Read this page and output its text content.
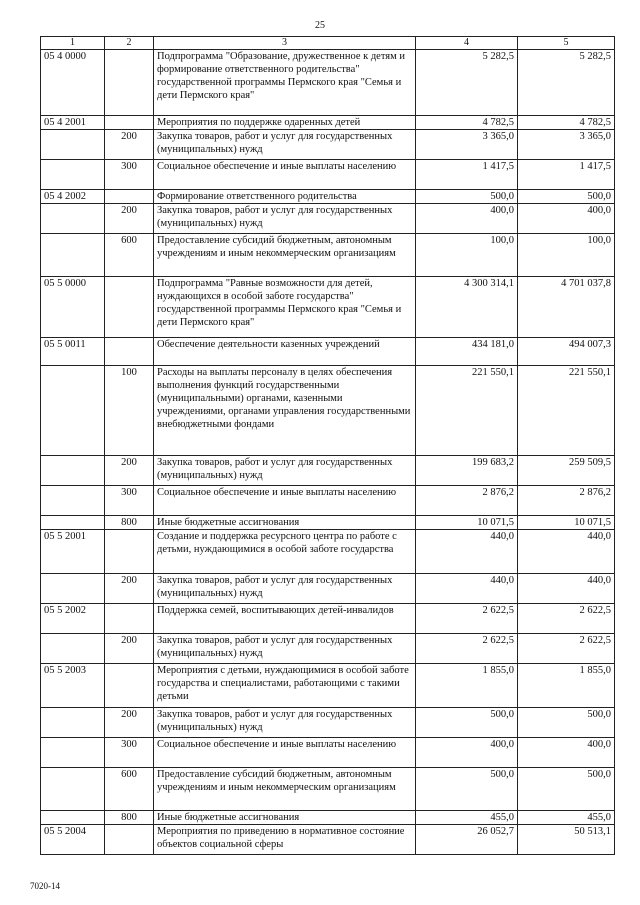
25
1	2	3	4	5
05 4 0000		Подпрограмма "Образование, дружественное к детям и формирование ответственного родительства" государственной программы Пермского края "Семья и дети Пермского края"	5 282,5	5 282,5
05 4 2001		Мероприятия по поддержке одаренных детей	4 782,5	4 782,5
	200	Закупка товаров, работ и услуг для государственных (муниципальных) нужд	3 365,0	3 365,0
	300	Социальное обеспечение и иные выплаты населению	1 417,5	1 417,5
05 4 2002		Формирование ответственного родительства	500,0	500,0
	200	Закупка товаров, работ и услуг для государственных (муниципальных) нужд	400,0	400,0
	600	Предоставление субсидий бюджетным, автономным учреждениям и иным некоммерческим организациям	100,0	100,0
05 5 0000		Подпрограмма "Равные возможности для детей, нуждающихся в особой заботе государства" государственной программы Пермского края "Семья и дети Пермского края"	4 300 314,1	4 701 037,8
05 5 0011		Обеспечение деятельности казенных учреждений	434 181,0	494 007,3
	100	Расходы на выплаты персоналу в целях обеспечения выполнения функций государственными (муниципальными) органами, казенными учреждениями, органами управления государственными внебюджетными фондами	221 550,1	221 550,1
	200	Закупка товаров, работ и услуг для государственных (муниципальных) нужд	199 683,2	259 509,5
	300	Социальное обеспечение и иные выплаты населению	2 876,2	2 876,2
	800	Иные бюджетные ассигнования	10 071,5	10 071,5
05 5 2001		Создание и поддержка ресурсного центра по работе с детьми, нуждающимися в особой заботе государства	440,0	440,0
	200	Закупка товаров, работ и услуг для государственных (муниципальных) нужд	440,0	440,0
05 5 2002		Поддержка семей, воспитывающих детей-инвалидов	2 622,5	2 622,5
	200	Закупка товаров, работ и услуг для государственных (муниципальных) нужд	2 622,5	2 622,5
05 5 2003		Мероприятия с детьми, нуждающимися в особой заботе государства и специалистами, работающими с такими детьми	1 855,0	1 855,0
	200	Закупка товаров, работ и услуг для государственных (муниципальных) нужд	500,0	500,0
	300	Социальное обеспечение и иные выплаты населению	400,0	400,0
	600	Предоставление субсидий бюджетным, автономным учреждениям и иным некоммерческим организациям	500,0	500,0
	800	Иные бюджетные ассигнования	455,0	455,0
05 5 2004		Мероприятия по приведению в нормативное состояние объектов социальной сферы	26 052,7	50 513,1
7020-14
